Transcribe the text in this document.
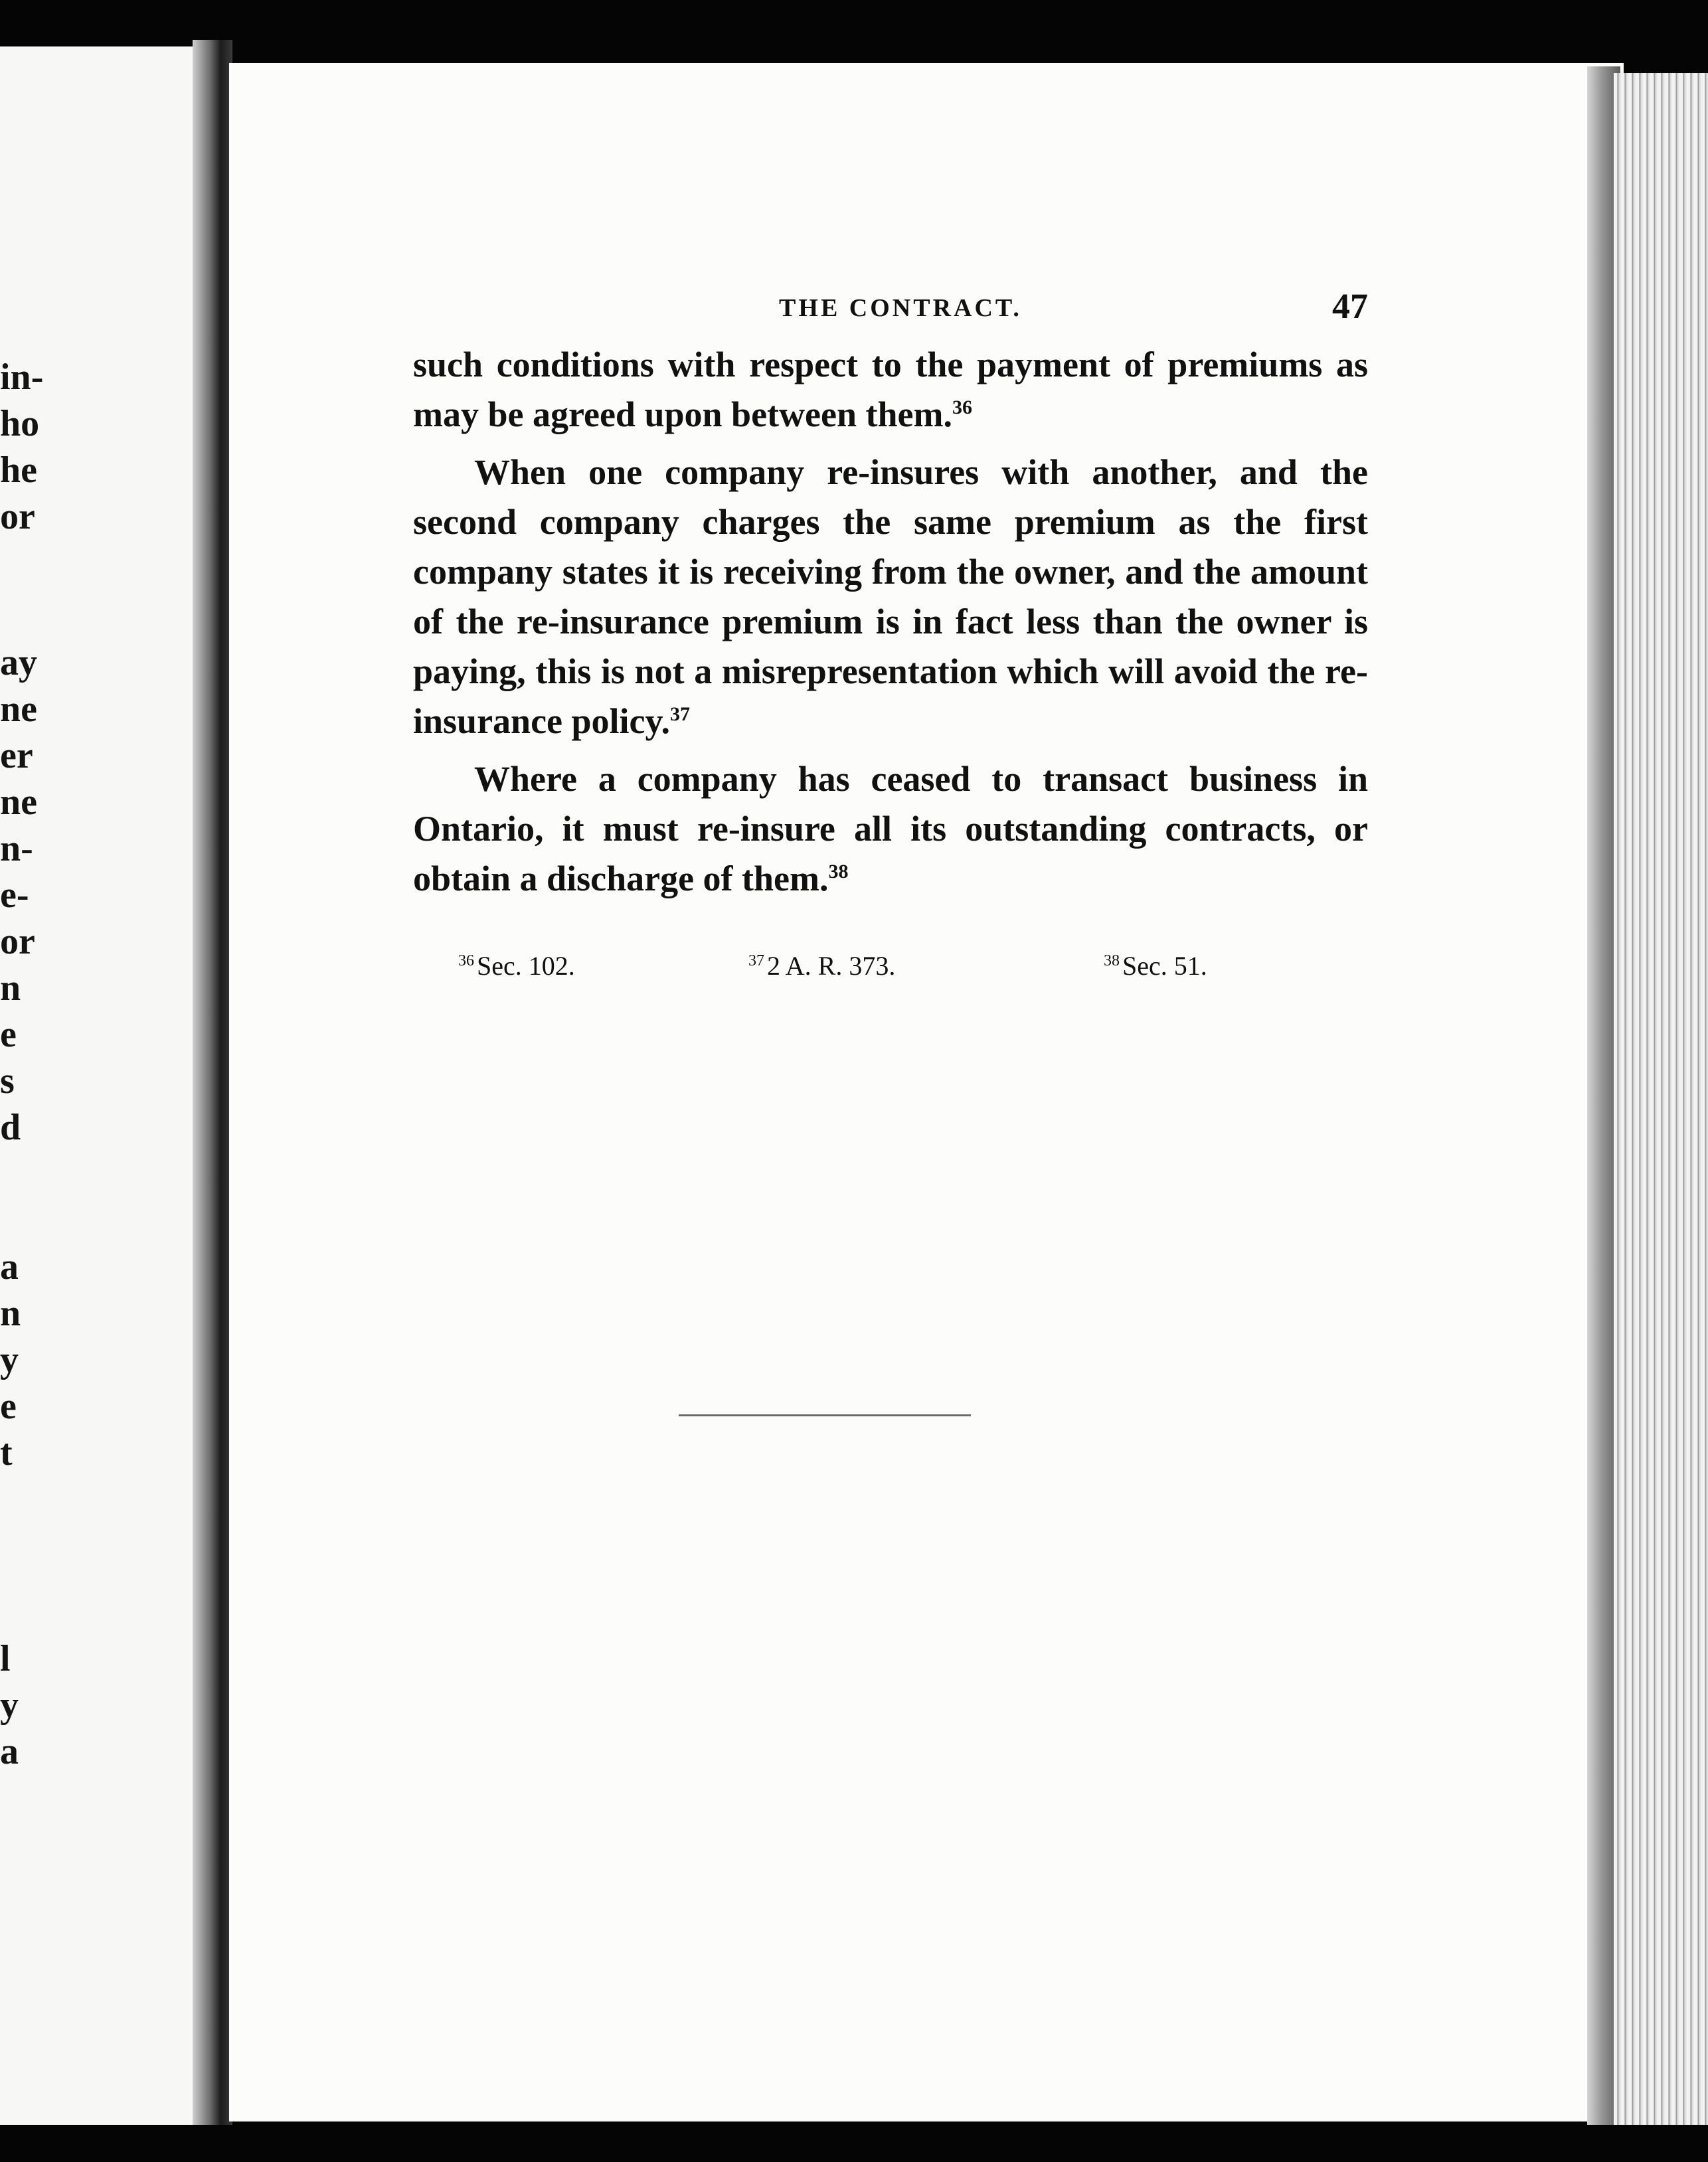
in-
ho
he
or
ay
ne
er
ne
n-
e-
or
n
e
s
d
a
n
y
e
t
l
y
a
THE CONTRACT.	47

such conditions with respect to the payment of premiums as may be agreed upon between them.$^{36}$

When one company re-insures with another, and the second company charges the same premium as the first company states it is receiving from the owner, and the amount of the re-insurance premium is in fact less than the owner is paying, this is not a misrepresentation which will avoid the re-insurance policy.$^{37}$

Where a company has ceased to transact business in Ontario, it must re-insure all its outstanding contracts, or obtain a discharge of them.$^{38}$

$^{36}$ Sec. 102.	$^{37}$ 2 A. R. 373.	$^{38}$ Sec. 51.
